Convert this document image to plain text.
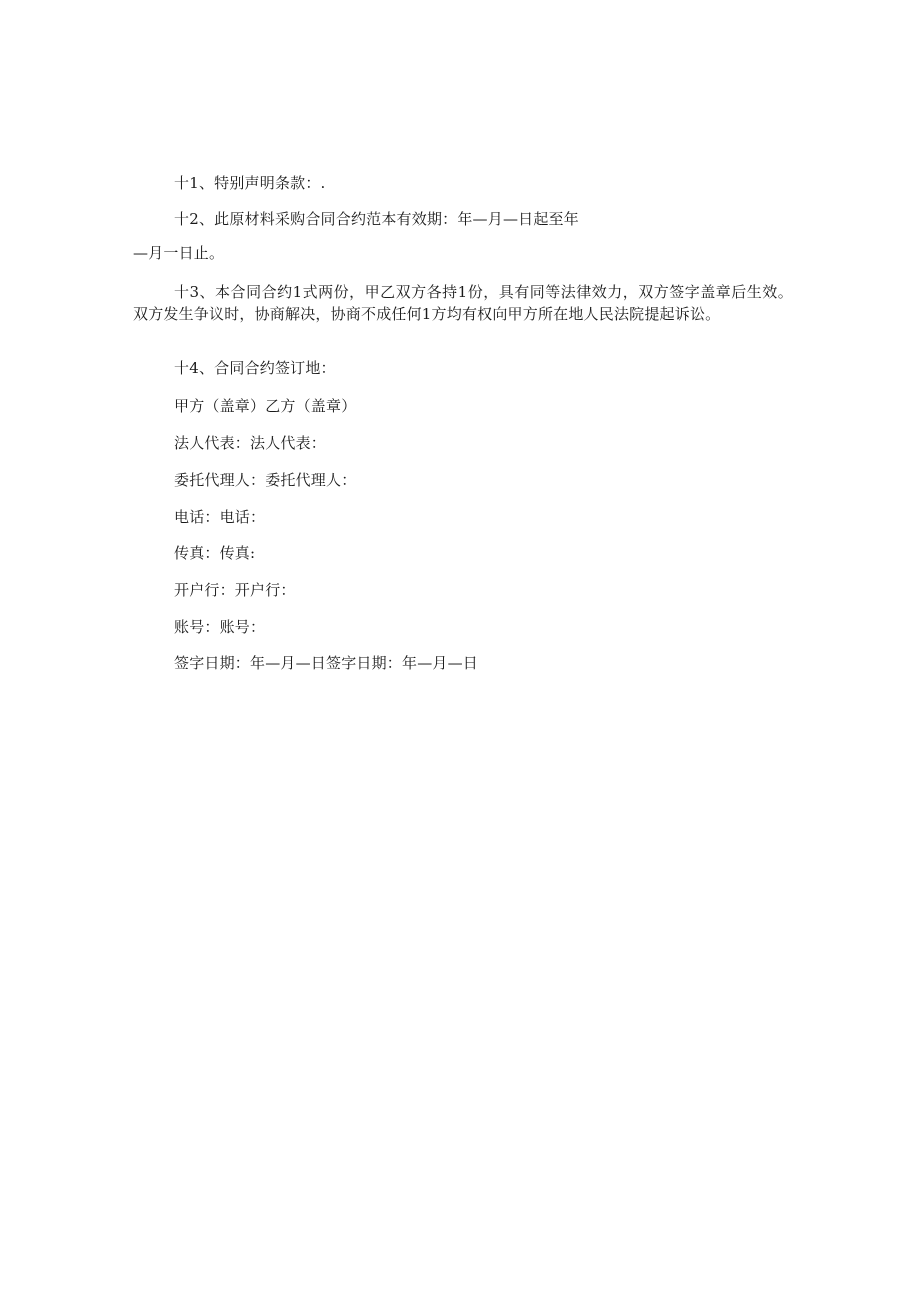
十1、特别声明条款：.
十2、此原材料采购合同合约范本有效期：年—月—日起至年
—月一日止。
十3、本合同合约1式两份，甲乙双方各持1份，具有同等法律效力，双方签字盖章后生效。双方发生争议时，协商解决，协商不成任何1方均有权向甲方所在地人民法院提起诉讼。
十4、合同合约签订地：
甲方（盖章）乙方（盖章）
法人代表：法人代表：
委托代理人：委托代理人：
电话：电话：
传真：传真:
开户行：开户行：
账号：账号：
签字日期：年—月—日签字日期：年—月—日
